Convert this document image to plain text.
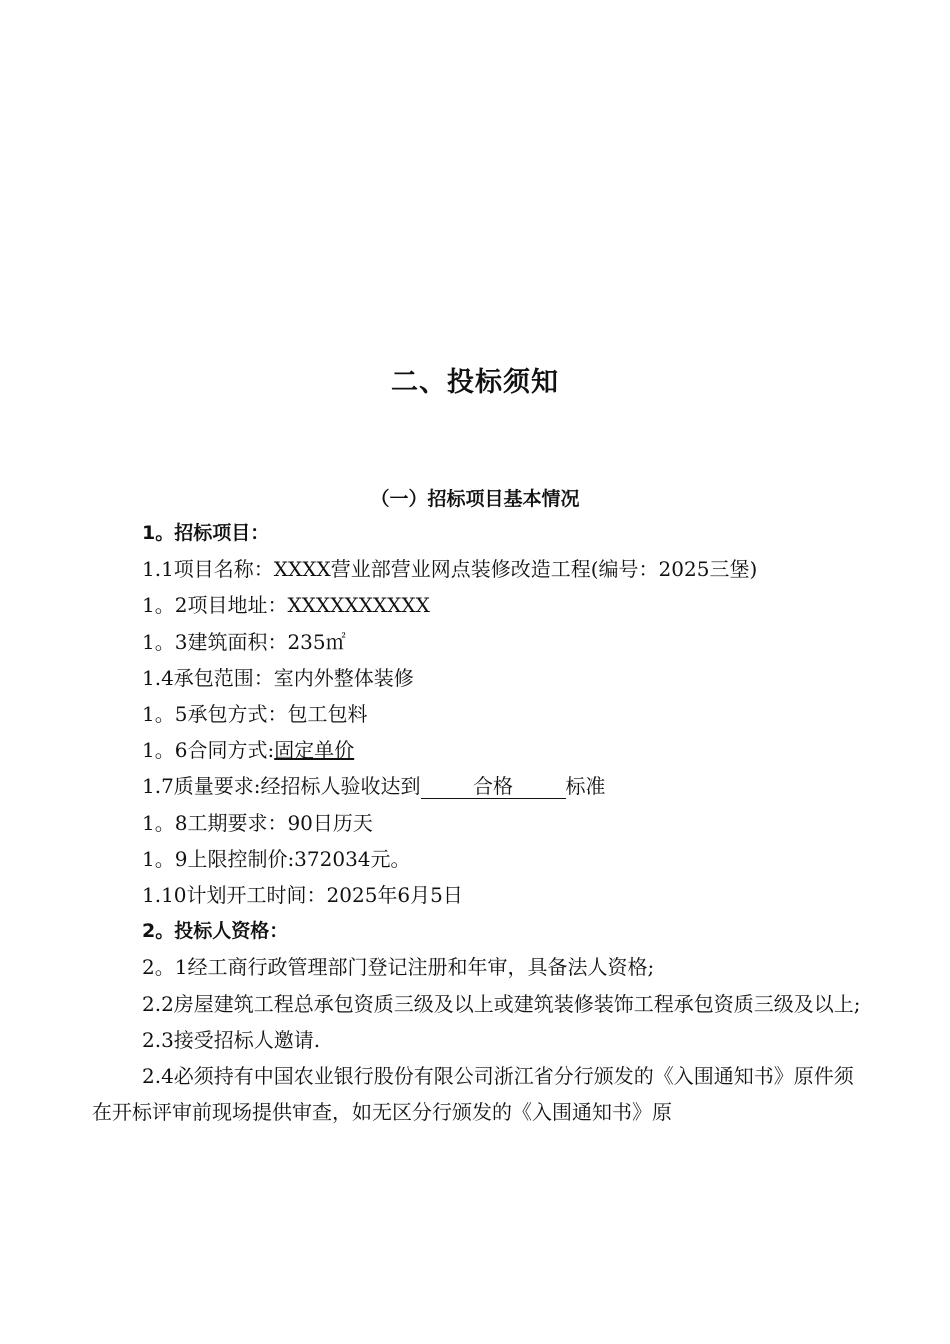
二、投标须知
（一）招标项目基本情况
1。招标项目：
1.1项目名称：XXXX营业部营业网点装修改造工程(编号：2025三堡)
1。2项目地址：XXXXXXXXXX
1。3建筑面积：235㎡
1.4承包范围：室内外整体装修
1。5承包方式：包工包料
1。6合同方式:固定单价
1.7质量要求:经招标人验收达到	合格	标准
1。8工期要求：90日历天
1。9上限控制价:372034元。
1.10计划开工时间：2025年6月5日
2。投标人资格：
2。1经工商行政管理部门登记注册和年审，具备法人资格;
2.2房屋建筑工程总承包资质三级及以上或建筑装修装饰工程承包资质三级及以上;
2.3接受招标人邀请.
2.4必须持有中国农业银行股份有限公司浙江省分行颁发的《入围通知书》原件须在开标评审前现场提供审查，如无区分行颁发的《入围通知书》原
